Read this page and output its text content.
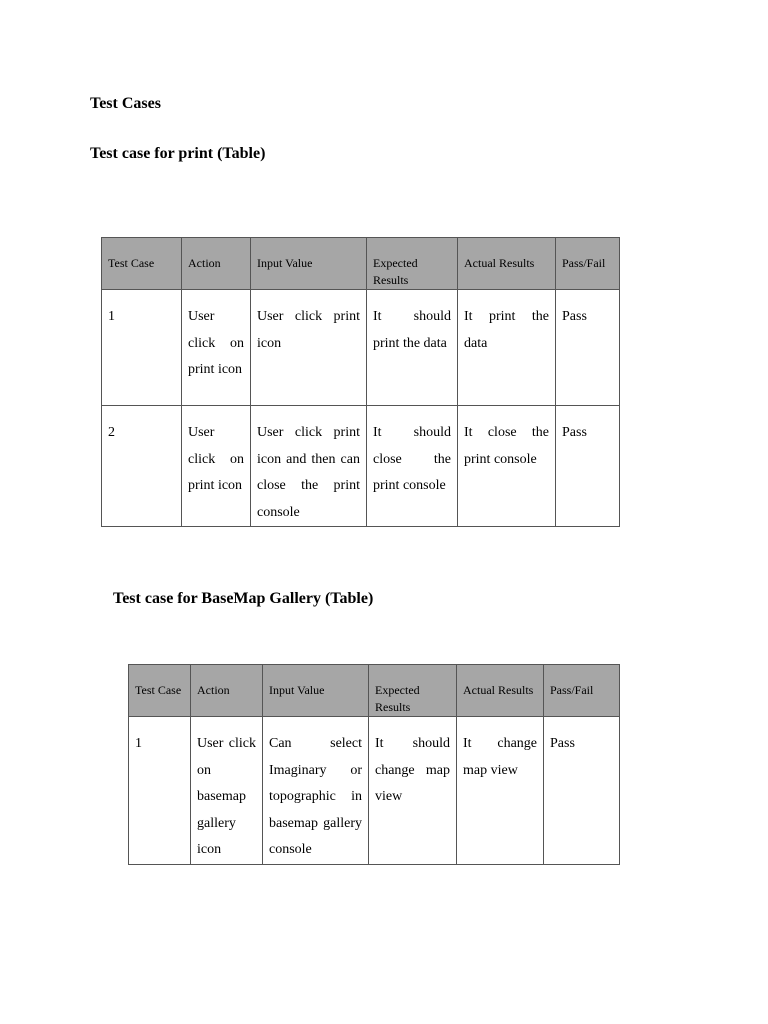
Test Cases
Test case for print (Table)
Test Case	Action	Input Value	Expected Results	Actual Results	Pass/Fail
1	User click on print icon	User click print icon	It should print the data	It print the data	Pass
2	User click on print icon	User click print icon and then can close the print console	It should close the print console	It close the print console	Pass
Test case for BaseMap Gallery (Table)
Test Case	Action	Input Value	Expected Results	Actual Results	Pass/Fail
1	User click on basemap gallery icon	Can select Imaginary or topographic in basemap gallery console	It should change map view	It change map view	Pass
